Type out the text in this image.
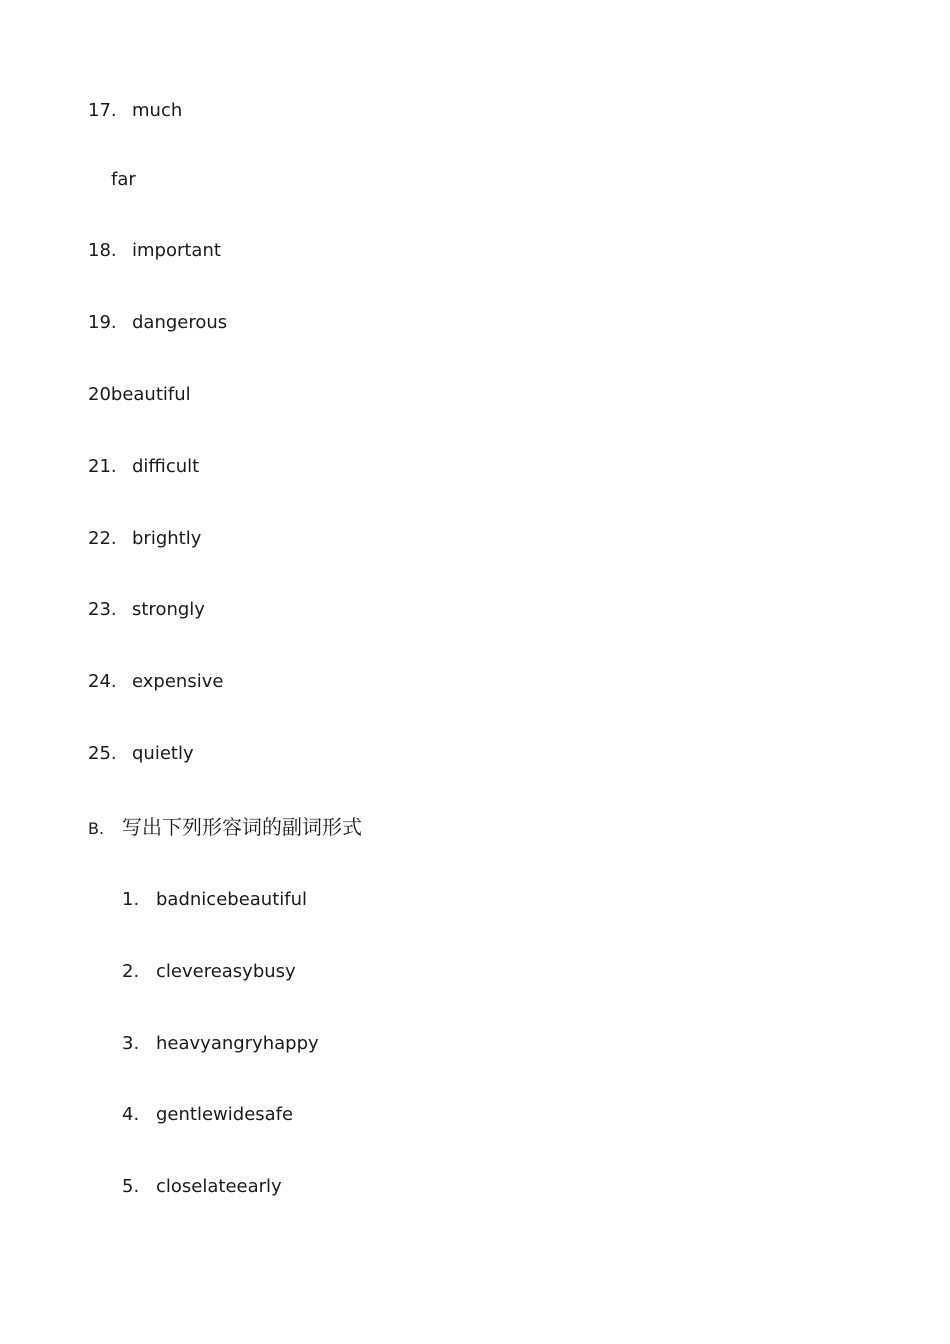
17. much
far
18. important
19. dangerous
20beautiful
21. difficult
22. brightly
23. strongly
24. expensive
25. quietly
B. 写出下列形容词的副词形式
1. badnicebeautiful
2. clevereasybusy
3. heavyangryhappy
4. gentlewidesafe
5. closelateearly
